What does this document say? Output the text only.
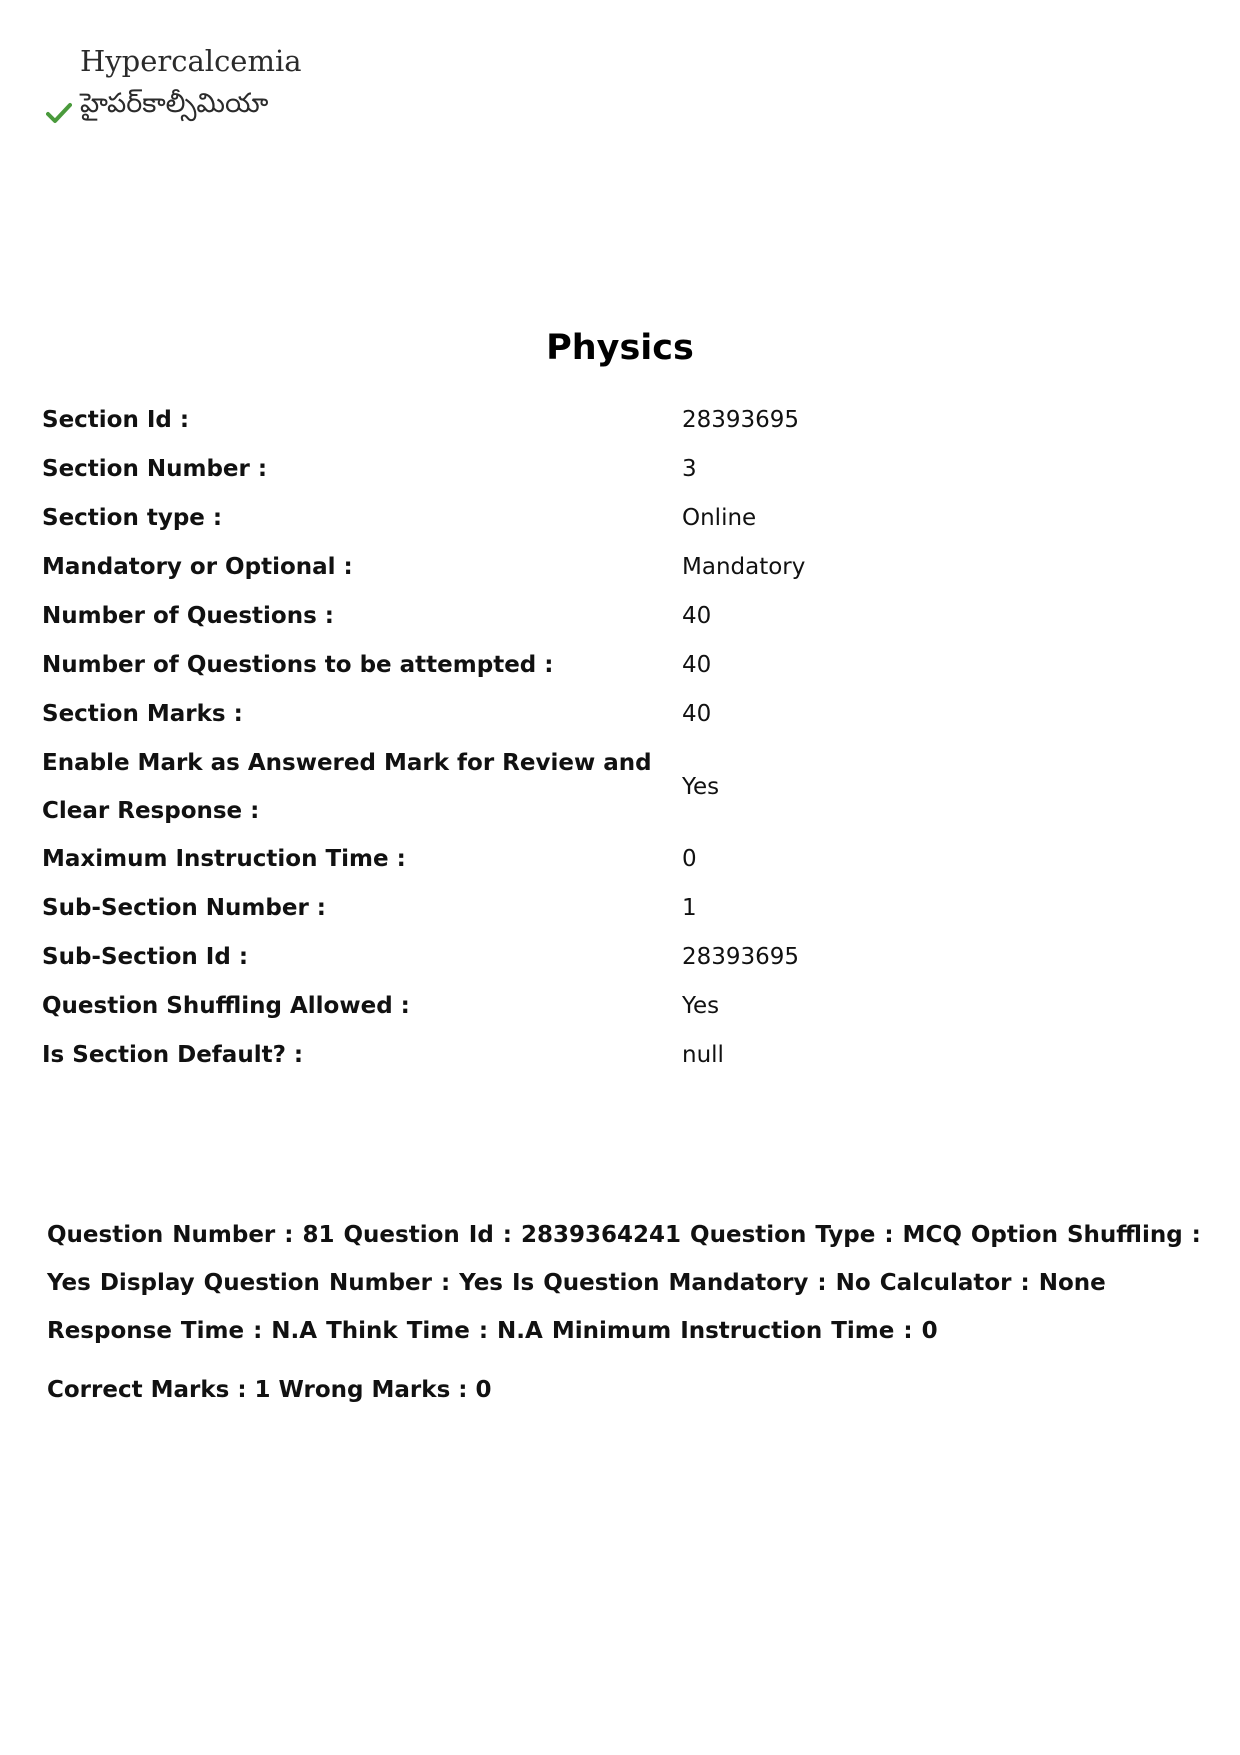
Hypercalcemia
హైపర్‌కాల్సీమియా
Physics
Section Id :	28393695
Section Number :	3
Section type :	Online
Mandatory or Optional :	Mandatory
Number of Questions :	40
Number of Questions to be attempted :	40
Section Marks :	40
Enable Mark as Answered Mark for Review and Clear Response :	Yes
Maximum Instruction Time :	0
Sub-Section Number :	1
Sub-Section Id :	28393695
Question Shuffling Allowed :	Yes
Is Section Default? :	null
Question Number : 81 Question Id : 2839364241 Question Type : MCQ Option Shuffling : Yes Display Question Number : Yes Is Question Mandatory : No Calculator : None Response Time : N.A Think Time : N.A Minimum Instruction Time : 0
Correct Marks : 1 Wrong Marks : 0
